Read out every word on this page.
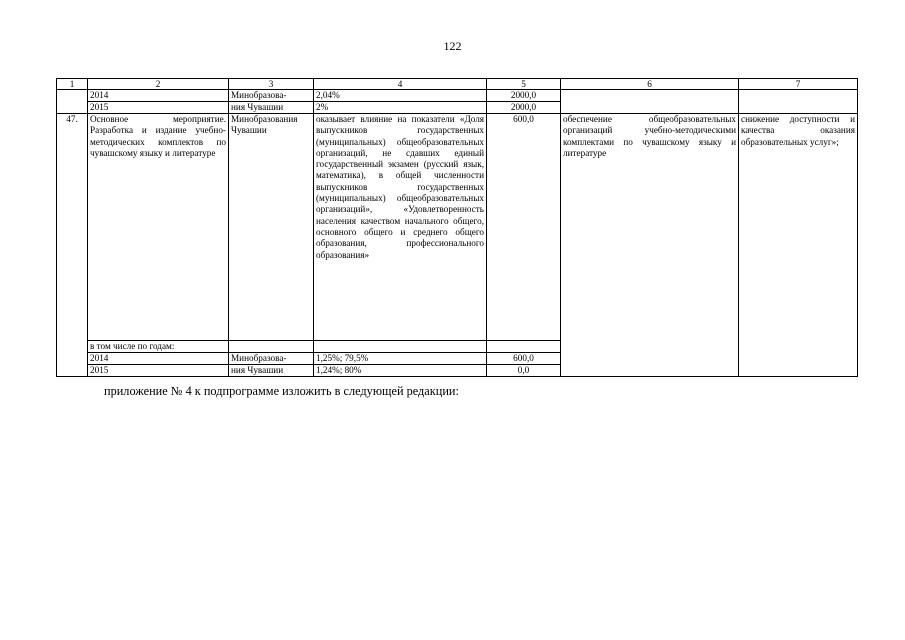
122
1	2	3	4	5	6	7
	2014	Минобразова-	2,04%	2000,0		
	2015	ния Чувашии	2%	2000,0		
47.	Основное мероприятие. Разработка и издание учебно-методических комплектов по чувашскому языку и литературе	Минобразования Чувашии	оказывает влияние на показатели «Доля выпускников государственных (муниципальных) общеобразовательных организаций, не сдавших единый государственный экзамен (русский язык, математика), в общей численности выпускников государственных (муниципальных) общеобразовательных организаций», «Удовлетворенность населения качеством начального общего, основного общего и среднего общего образования, профессионального образования»	600,0	обеспечение общеобразовательных организаций учебно-методическими комплектами по чувашскому языку и литературе	снижение доступности и качества оказания образовательных услуг»;
	в том числе по годам:					
	2014	Минобразова-	1,25%; 79,5%	600,0		
	2015	ния Чувашии	1,24%; 80%	0,0		
приложение № 4 к подпрограмме изложить в следующей редакции:
